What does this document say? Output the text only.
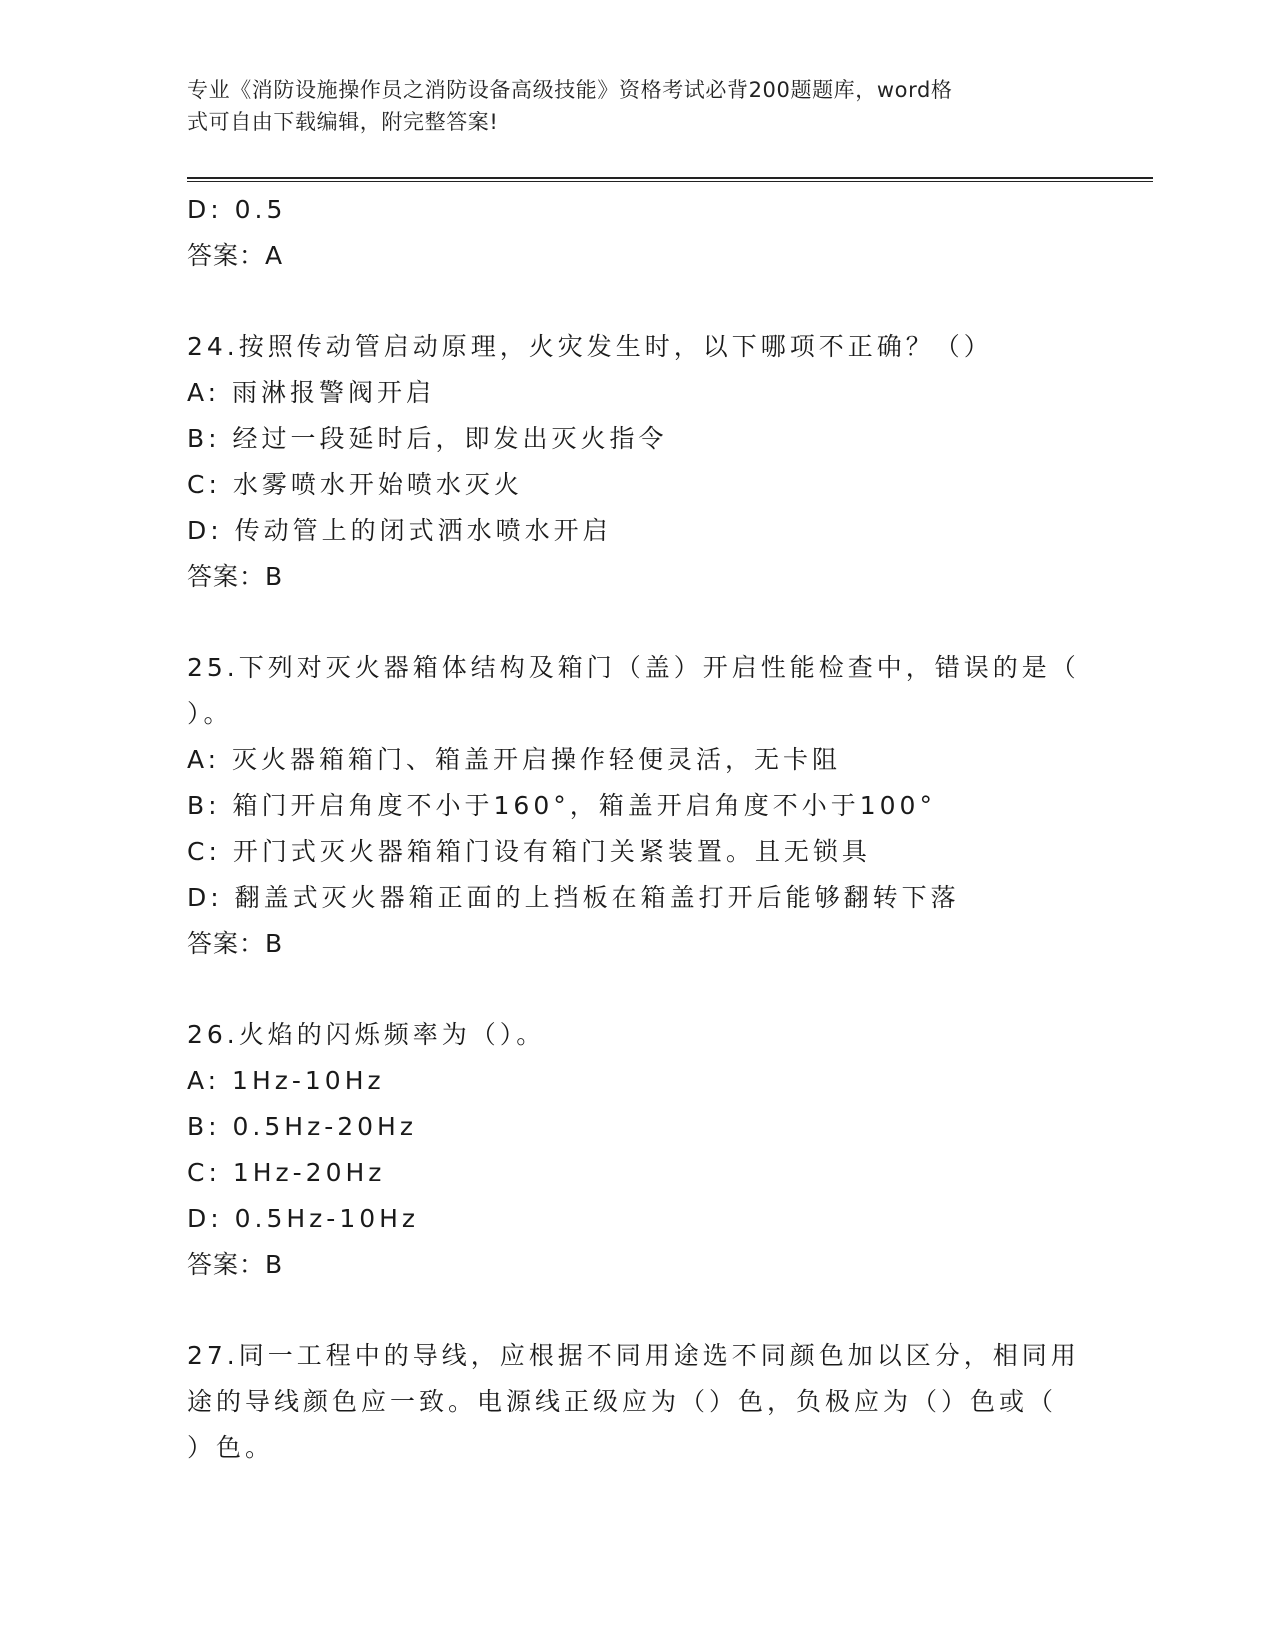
专业《消防设施操作员之消防设备高级技能》资格考试必背200题题库，word格
式可自由下载编辑，附完整答案!
D: 0.5
答案：A
24.按照传动管启动原理，火灾发生时，以下哪项不正确？（）
A: 雨淋报警阀开启
B: 经过一段延时后，即发出灭火指令
C: 水雾喷水开始喷水灭火
D: 传动管上的闭式洒水喷水开启
答案：B
25.下列对灭火器箱体结构及箱门（盖）开启性能检查中，错误的是（
）。
A: 灭火器箱箱门、箱盖开启操作轻便灵活，无卡阻
B: 箱门开启角度不小于160°，箱盖开启角度不小于100°
C: 开门式灭火器箱箱门设有箱门关紧装置。且无锁具
D: 翻盖式灭火器箱正面的上挡板在箱盖打开后能够翻转下落
答案：B
26.火焰的闪烁频率为（）。
A: 1Hz-10Hz
B: 0.5Hz-20Hz
C: 1Hz-20Hz
D: 0.5Hz-10Hz
答案：B
27.同一工程中的导线，应根据不同用途选不同颜色加以区分，相同用
途的导线颜色应一致。电源线正级应为（）色，负极应为（）色或（
）色。
